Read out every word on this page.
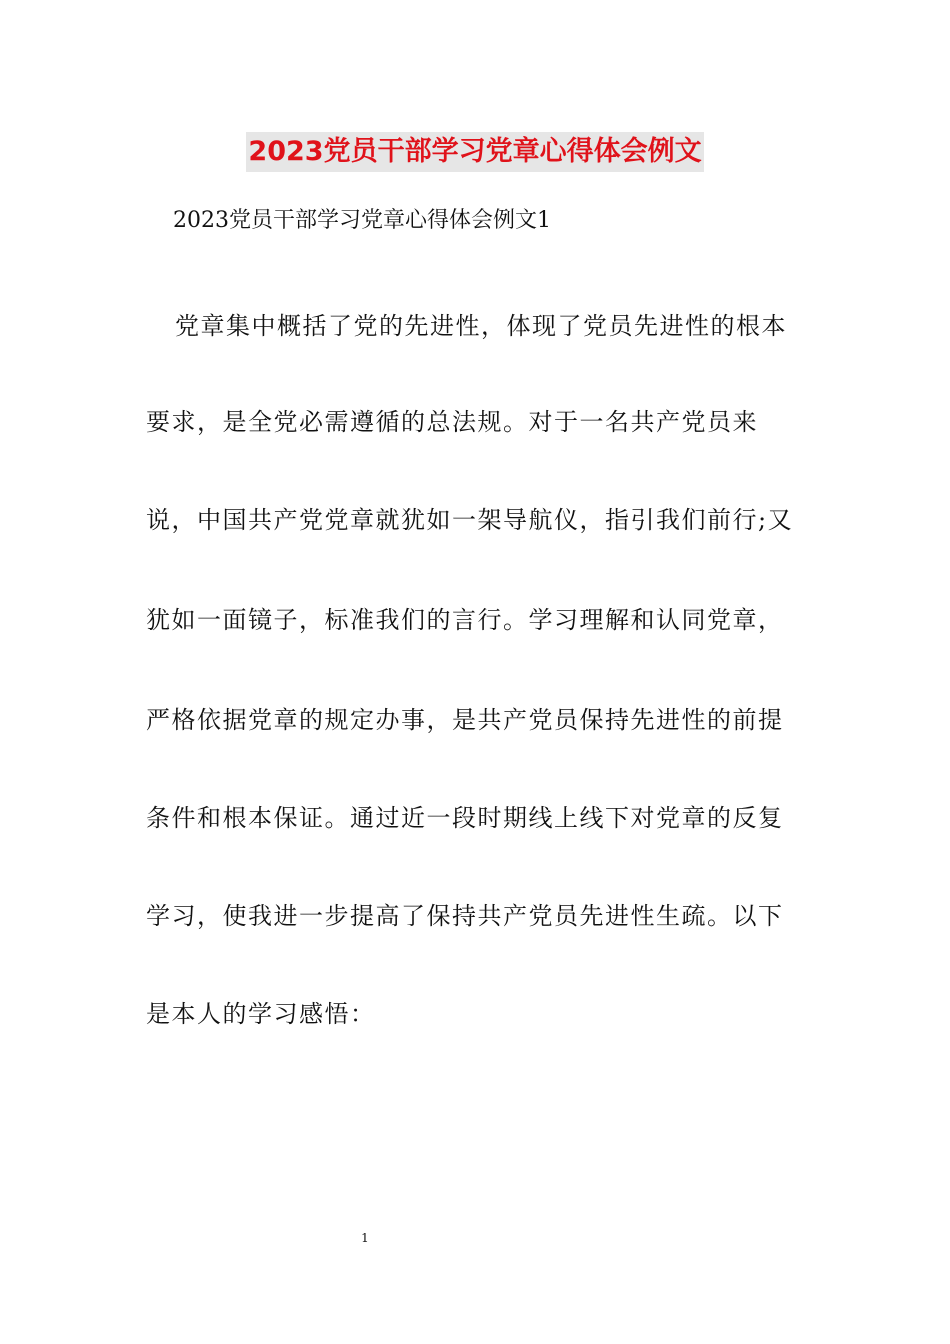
2023党员干部学习党章心得体会例文
2023党员干部学习党章心得体会例文1
党章集中概括了党的先进性，体现了党员先进性的根本
要求，是全党必需遵循的总法规。对于一名共产党员来
说，中国共产党党章就犹如一架导航仪，指引我们前行;又
犹如一面镜子，标准我们的言行。学习理解和认同党章，
严格依据党章的规定办事，是共产党员保持先进性的前提
条件和根本保证。通过近一段时期线上线下对党章的反复
学习，使我进一步提高了保持共产党员先进性生疏。以下
是本人的学习感悟：
1
